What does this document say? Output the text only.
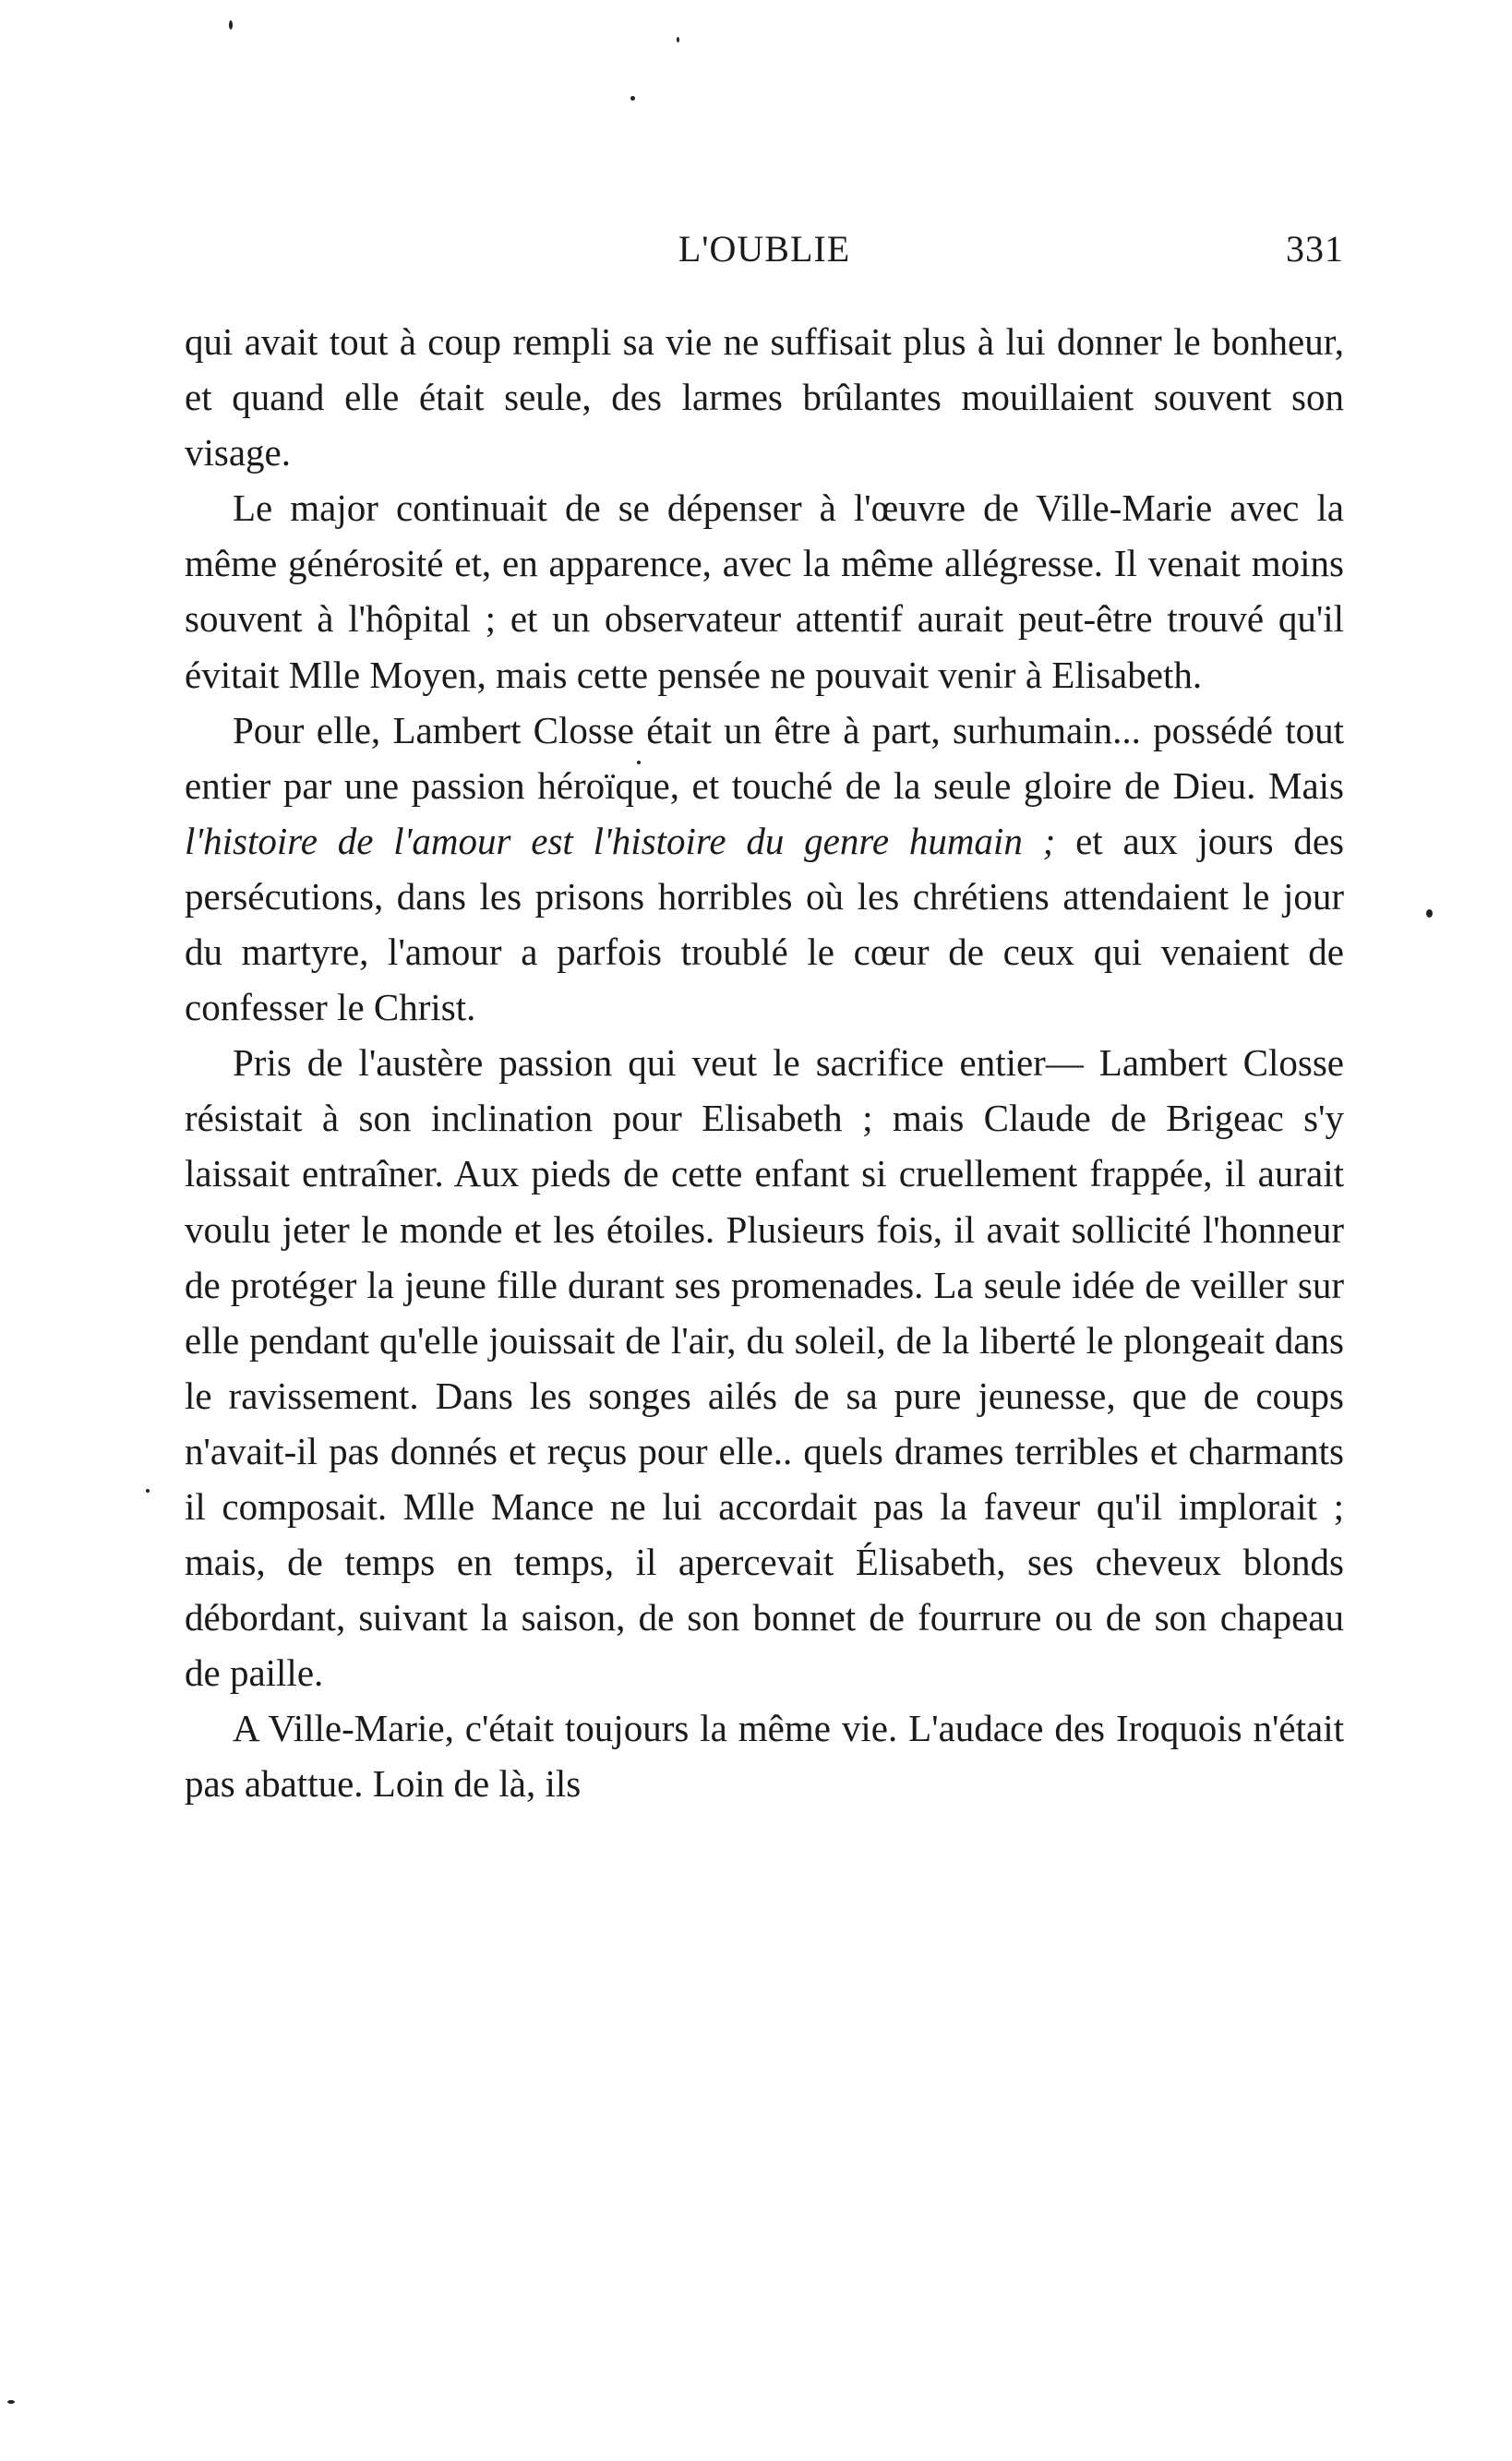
L'OUBLIE	331

qui avait tout à coup rempli sa vie ne suffisait plus à lui donner le bonheur, et quand elle était seule, des larmes brûlantes mouillaient souvent son visage.

Le major continuait de se dépenser à l'œuvre de Ville-Marie avec la même générosité et, en apparence, avec la même allégresse. Il venait moins souvent à l'hôpital ; et un observateur attentif aurait peut-être trouvé qu'il évitait Mlle Moyen, mais cette pensée ne pouvait venir à Elisabeth.

Pour elle, Lambert Closse était un être à part, surhumain... possédé tout entier par une passion héroïque, et touché de la seule gloire de Dieu. Mais l'histoire de l'amour est l'histoire du genre humain ; et aux jours des persécutions, dans les prisons horribles où les chrétiens attendaient le jour du martyre, l'amour a parfois troublé le cœur de ceux qui venaient de confesser le Christ.

Pris de l'austère passion qui veut le sacrifice entier— Lambert Closse résistait à son inclination pour Elisabeth ; mais Claude de Brigeac s'y laissait entraîner. Aux pieds de cette enfant si cruellement frappée, il aurait voulu jeter le monde et les étoiles. Plusieurs fois, il avait sollicité l'honneur de protéger la jeune fille durant ses promenades. La seule idée de veiller sur elle pendant qu'elle jouissait de l'air, du soleil, de la liberté le plongeait dans le ravissement. Dans les songes ailés de sa pure jeunesse, que de coups n'avait-il pas donnés et reçus pour elle.. quels drames terribles et charmants il composait. Mlle Mance ne lui accordait pas la faveur qu'il implorait ; mais, de temps en temps, il apercevait Élisabeth, ses cheveux blonds débordant, suivant la saison, de son bonnet de fourrure ou de son chapeau de paille.

A Ville-Marie, c'était toujours la même vie. L'audace des Iroquois n'était pas abattue. Loin de là, ils
